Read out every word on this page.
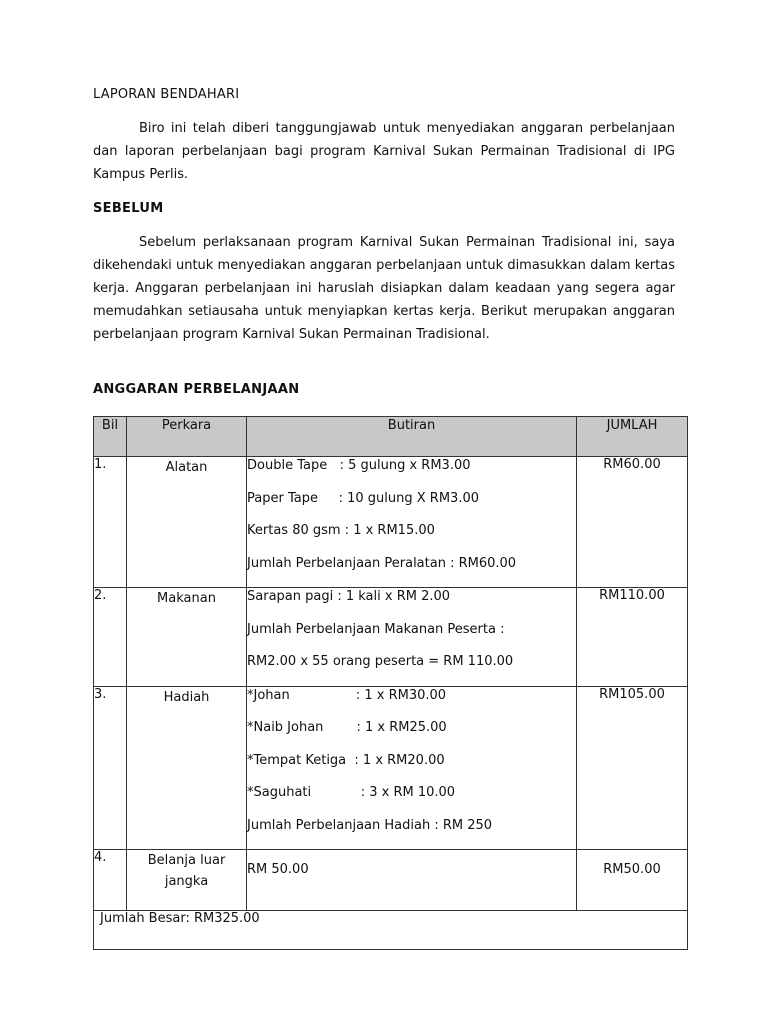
LAPORAN BENDAHARI

Biro ini telah diberi tanggungjawab untuk menyediakan anggaran perbelanjaan dan laporan perbelanjaan bagi program Karnival Sukan Permainan Tradisional di IPG Kampus Perlis.

SEBELUM

Sebelum perlaksanaan program Karnival Sukan Permainan Tradisional ini, saya dikehendaki untuk menyediakan anggaran perbelanjaan untuk dimasukkan dalam kertas kerja. Anggaran perbelanjaan ini haruslah disiapkan dalam keadaan yang segera agar memudahkan setiausaha untuk menyiapkan kertas kerja. Berikut merupakan anggaran perbelanjaan program Karnival Sukan Permainan Tradisional.

ANGGARAN PERBELANJAAN
Bil	Perkara	Butiran	JUMLAH
1.	Alatan	Double Tape   : 5 gulung x RM3.00
Paper Tape     : 10 gulung X RM3.00
Kertas 80 gsm : 1 x RM15.00
Jumlah Perbelanjaan Peralatan : RM60.00	RM60.00
2.	Makanan	Sarapan pagi : 1 kali x RM 2.00
Jumlah Perbelanjaan Makanan Peserta :
RM2.00 x 55 orang peserta = RM 110.00	RM110.00
3.	Hadiah	*Johan                : 1 x RM30.00
*Naib Johan        : 1 x RM25.00
*Tempat Ketiga  : 1 x RM20.00
*Saguhati            : 3 x RM 10.00
Jumlah Perbelanjaan Hadiah : RM 250	RM105.00
4.	Belanja luar jangka	RM 50.00	RM50.00
Jumlah Besar: RM325.00			
